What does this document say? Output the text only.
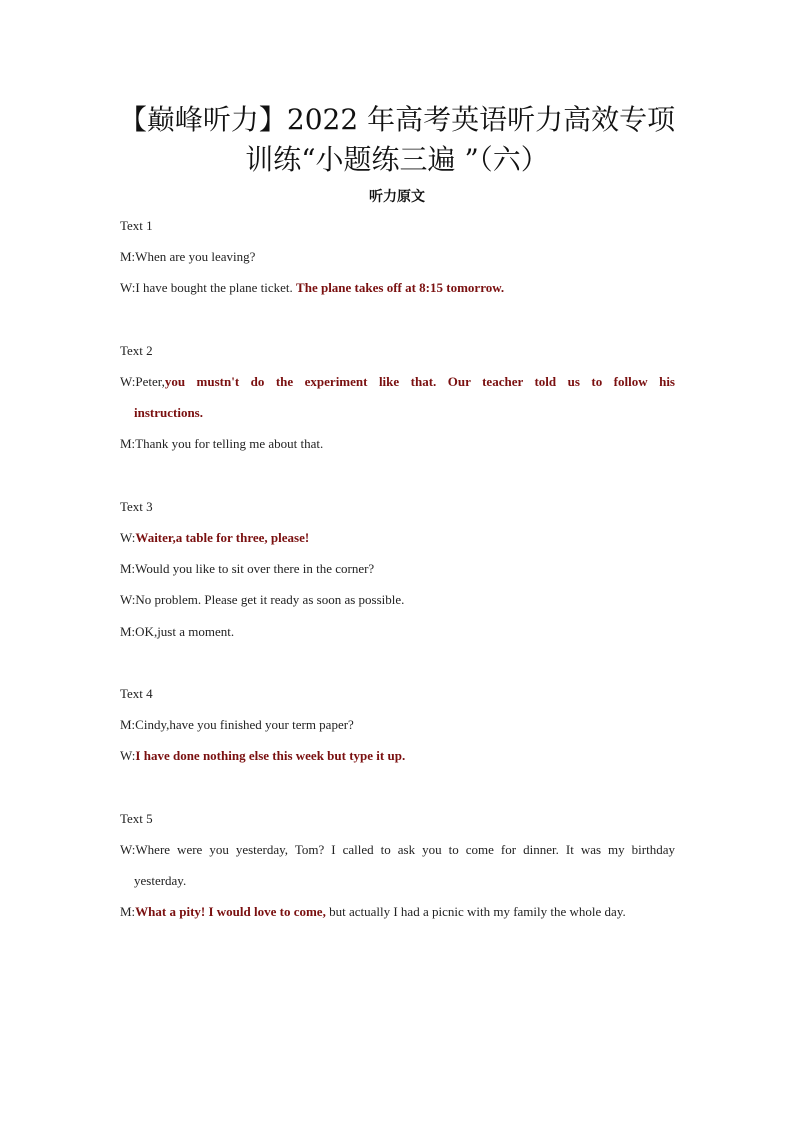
【巅峰听力】2022 年高考英语听力高效专项
训练“小题练三遍 ”（六）
听力原文
Text 1
M:When are you leaving?
W:I have bought the plane ticket. The plane takes off at 8:15 tomorrow.
Text 2
W:Peter,you mustn't do the experiment like that. Our teacher told us to follow his
instructions.
M:Thank you for telling me about that.
Text 3
W:Waiter,a table for three, please!
M:Would you like to sit over there in the corner?
W:No problem. Please get it ready as soon as possible.
M:OK,just a moment.
Text 4
M:Cindy,have you finished your term paper?
W:I have done nothing else this week but type it up.
Text 5
W:Where were you yesterday, Tom? I called to ask you to come for dinner. It was my birthday
yesterday.
M:What a pity! I would love to come, but actually I had a picnic with my family the whole day.
